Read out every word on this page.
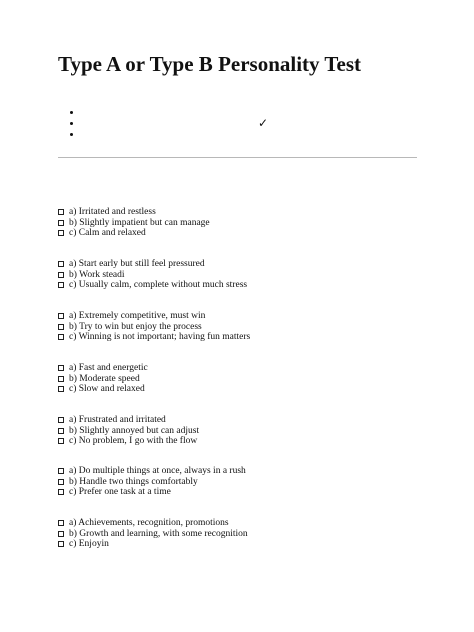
Type A or Type B Personality Test
✓
a) Irritated and restless
b) Slightly impatient but can manage
c) Calm and relaxed
a) Start early but still feel pressured
b) Work steadi
c) Usually calm, complete without much stress
a) Extremely competitive, must win
b) Try to win but enjoy the process
c) Winning is not important; having fun matters
a) Fast and energetic
b) Moderate speed
c) Slow and relaxed
a) Frustrated and irritated
b) Slightly annoyed but can adjust
c) No problem, I go with the flow
a) Do multiple things at once, always in a rush
b) Handle two things comfortably
c) Prefer one task at a time
a) Achievements, recognition, promotions
b) Growth and learning, with some recognition
c) Enjoyin
